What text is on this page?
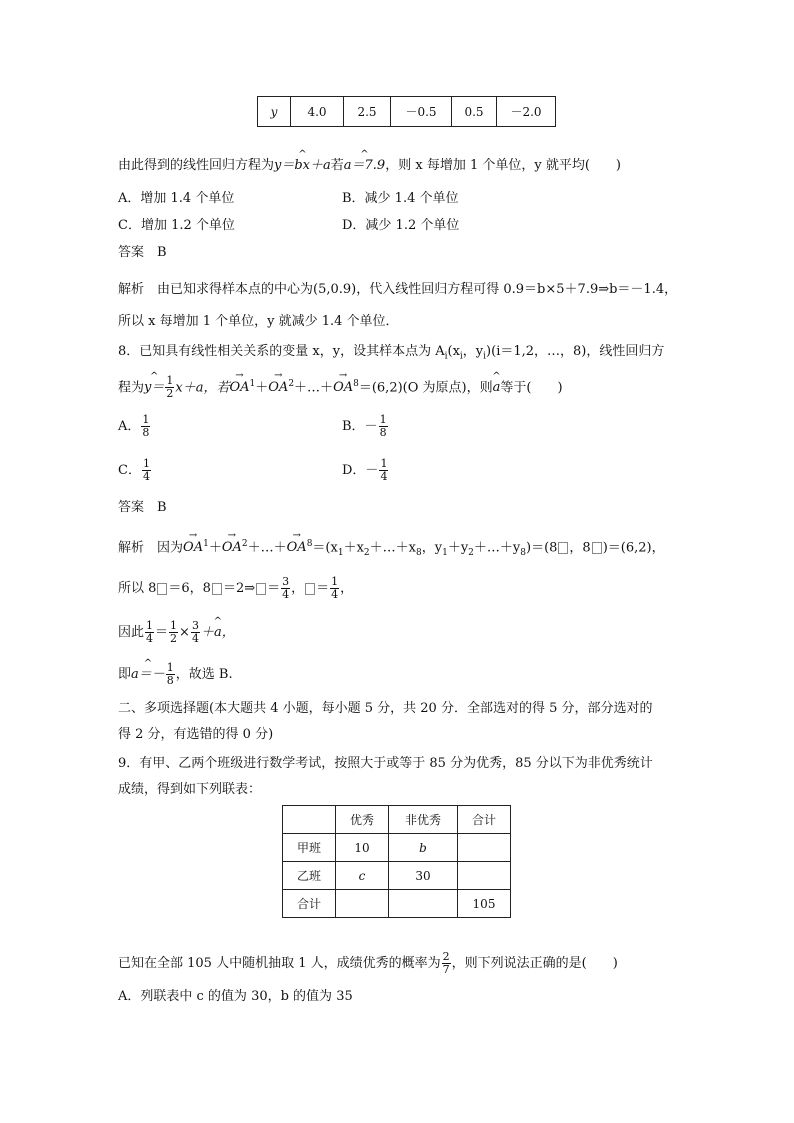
y	4.0	2.5	－0.5	0.5	－2.0
由此得到的线性回归方程为^ y＝bx＋a若^ a＝7.9，则 x 每增加 1 个单位，y 就平均(　　)
A．增加 1.4 个单位	B．减少 1.4 个单位
C．增加 1.2 个单位	D．减少 1.2 个单位
答案　 B
解析　 由已知求得样本点的中心为(5,0.9)，代入线性回归方程可得 0.9＝b×5＋7.9⇒b＝－1.4，
所以 x 每增加 1 个单位，y 就减少 1.4 个单位．
8．已知具有线性相关关系的变量 x，y，设其样本点为 $A_i(x_i$，$y_i)(i=1,2$，…，8)，线性回归方
程为^ $y= \frac{1}{2} x+a$，若→ $OA^1+\to$ $OA^2+\dots+\to OA^8=(6,2)(O$ 为原点)，则^ a等于(　　)
A． $\frac{1}{8}$	B．－ $\frac{1}{8}$
C． $\frac{1}{4}$	D．－ $\frac{1}{4}$
答案　 B
解析　 因为→ $OA^1+\to$ $OA^2+\dots+\to$ $OA^8=(x_1+x_2+\dots+x_8$，$y_1+y_2+\dots+y_8)=(8$ ，8 )＝(6,2)，
所以 8 ＝6，8 ＝2⇒ ＝ $\frac{3}{4}$ ， ＝ $\frac{1}{4}$ ，
因此 $\frac{1}{4} = \frac{1}{2} \times \frac{3}{4}$ ^ ＋a，
即^ $a=- \frac{1}{8}$ ，故选 B.
二、多项选择题(本大题共 4 小题，每小题 5 分，共 20 分．全部选对的得 5 分，部分选对的
得 2 分，有选错的得 0 分)
9．有甲、乙两个班级进行数学考试，按照大于或等于 85 分为优秀，85 分以下为非优秀统计
成绩，得到如下列联表：
	优秀	非优秀	合计
甲班	10	b	
乙班	c	30	
合计			105
已知在全部 105 人中随机抽取 1 人，成绩优秀的概率为 $\frac{2}{7}$ ，则下列说法正确的是(　　)
A．列联表中 c 的值为 30，b 的值为 35
